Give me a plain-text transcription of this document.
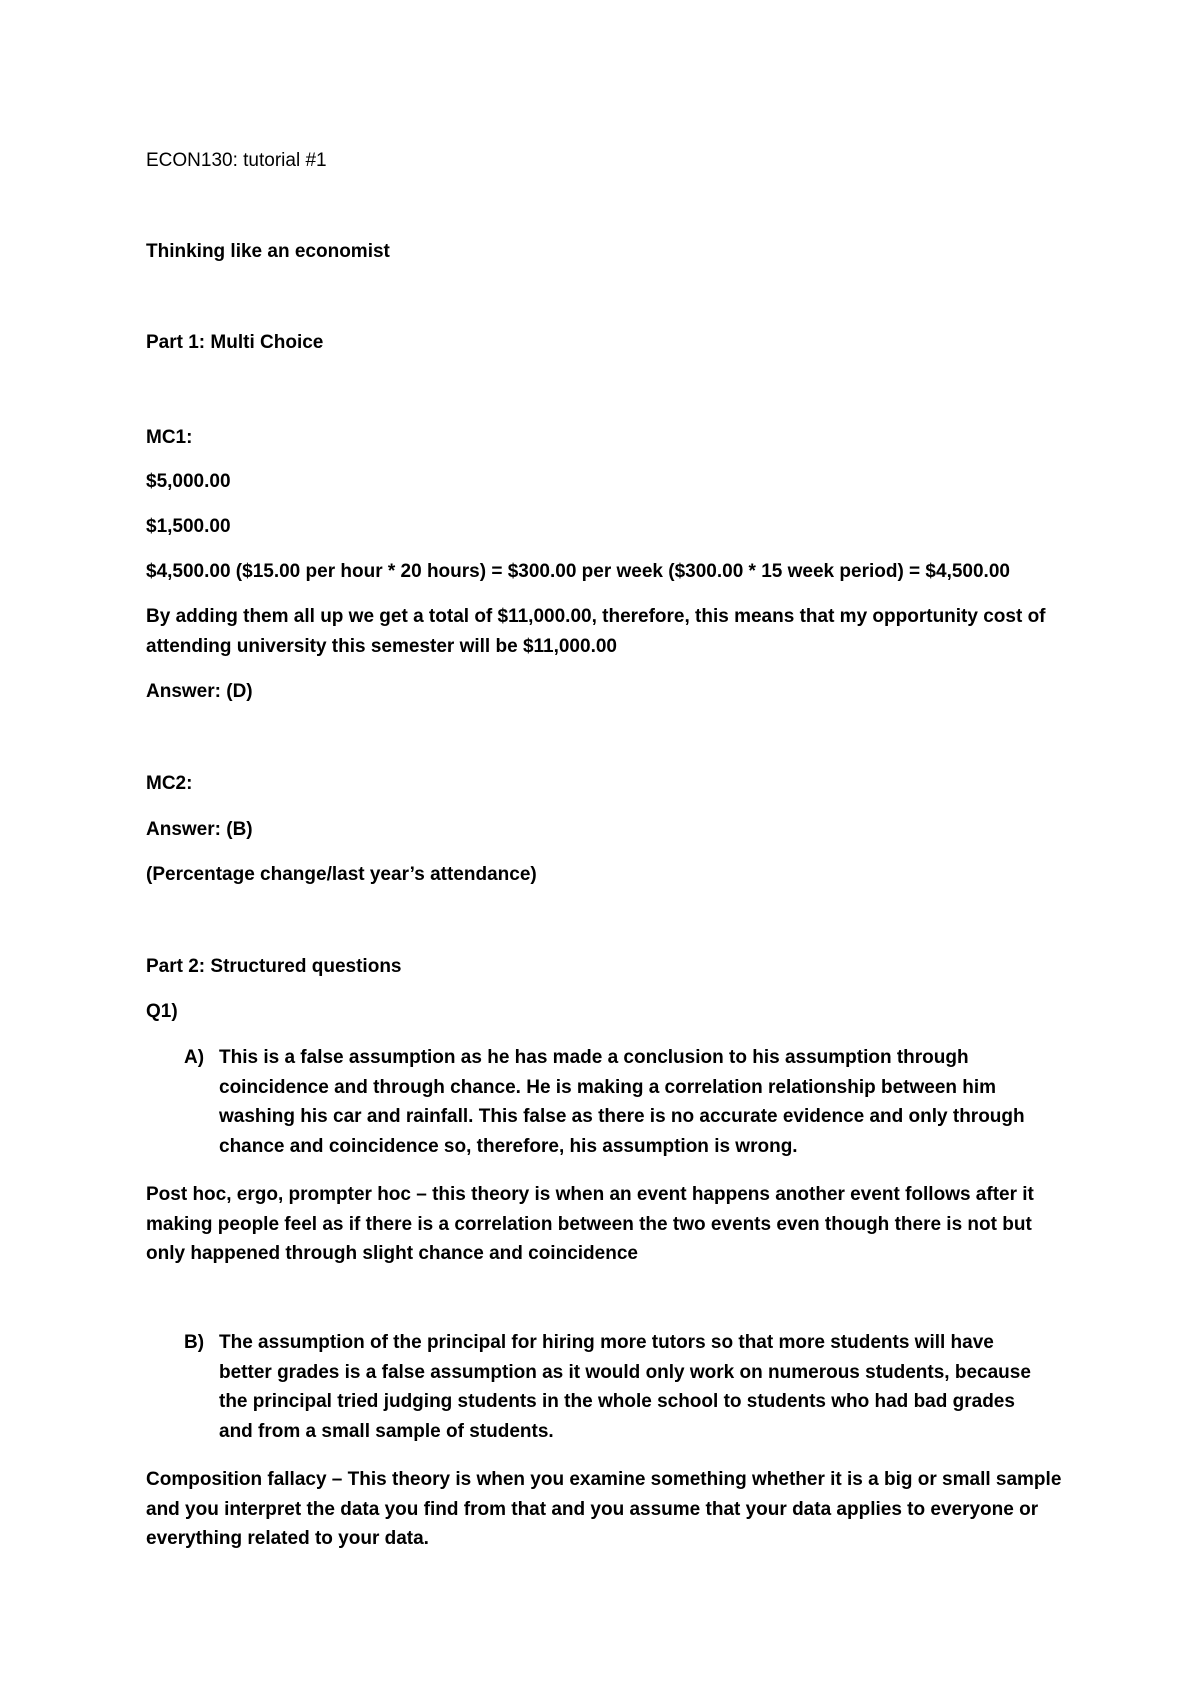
ECON130: tutorial #1
Thinking like an economist
Part 1: Multi Choice
MC1:
$5,000.00
$1,500.00
$4,500.00 ($15.00 per hour * 20 hours) = $300.00 per week ($300.00 * 15 week period) = $4,500.00
By adding them all up we get a total of $11,000.00, therefore, this means that my opportunity cost of attending university this semester will be $11,000.00
Answer: (D)
MC2:
Answer: (B)
(Percentage change/last year’s attendance)
Part 2: Structured questions
Q1)
A) This is a false assumption as he has made a conclusion to his assumption through coincidence and through chance. He is making a correlation relationship between him washing his car and rainfall. This false as there is no accurate evidence and only through chance and coincidence so, therefore, his assumption is wrong.
Post hoc, ergo, prompter hoc – this theory is when an event happens another event follows after it making people feel as if there is a correlation between the two events even though there is not but only happened through slight chance and coincidence
B) The assumption of the principal for hiring more tutors so that more students will have better grades is a false assumption as it would only work on numerous students, because the principal tried judging students in the whole school to students who had bad grades and from a small sample of students.
Composition fallacy – This theory is when you examine something whether it is a big or small sample and you interpret the data you find from that and you assume that your data applies to everyone or everything related to your data.
